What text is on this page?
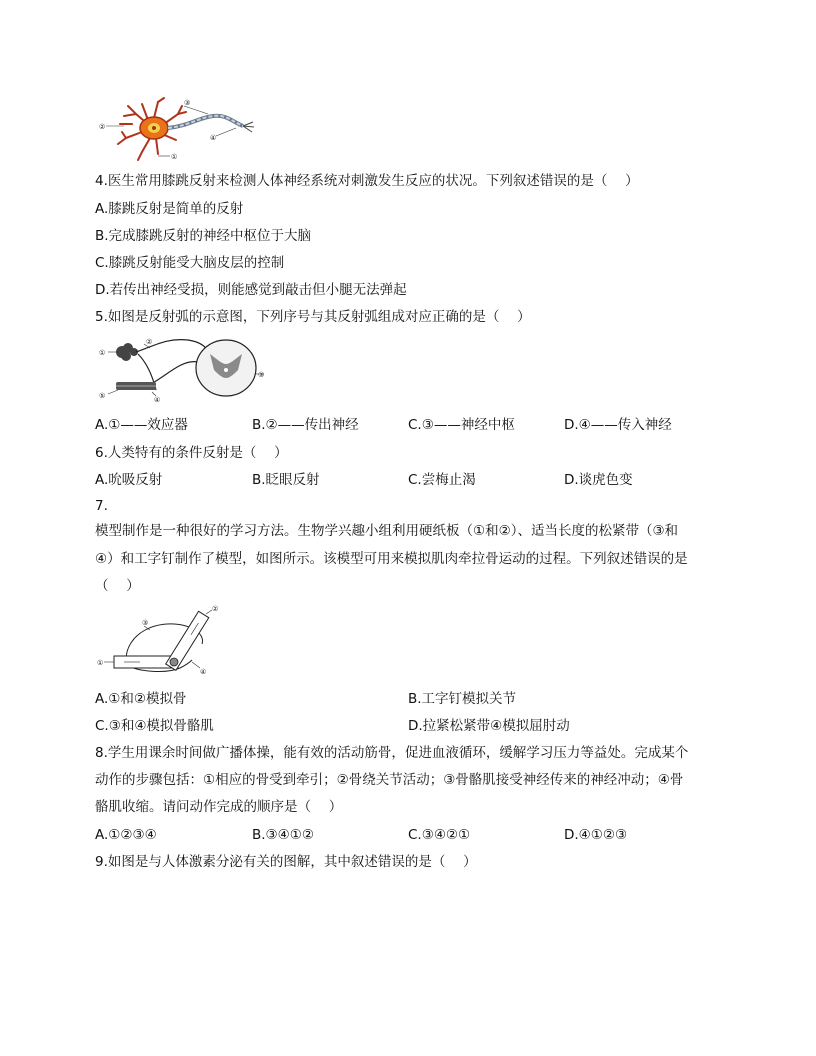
②
③
④
①
4.医生常用膝跳反射来检测人体神经系统对刺激发生反应的状况。下列叙述错误的是（　 ）
A.膝跳反射是简单的反射
B.完成膝跳反射的神经中枢位于大脑
C.膝跳反射能受大脑皮层的控制
D.若传出神经受损，则能感觉到敲击但小腿无法弹起
5.如图是反射弧的示意图，下列序号与其反射弧组成对应正确的是（　 ）
①
②
③
④
⑤
A.①——效应器	B.②——传出神经	C.③——神经中枢	D.④——传入神经
6.人类特有的条件反射是（　 ）
A.吮吸反射	B.眨眼反射	C.尝梅止渴	D.谈虎色变
7.
模型制作是一种很好的学习方法。生物学兴趣小组利用硬纸板（①和②）、适当长度的松紧带（③和
④）和工字钉制作了模型，如图所示。该模型可用来模拟肌肉牵拉骨运动的过程。下列叙述错误的是
（　 ）
①
②
③
④
A.①和②模拟骨	B.工字钉模拟关节
C.③和④模拟骨骼肌	D.拉紧松紧带④模拟屈肘动
8.学生用课余时间做广播体操，能有效的活动筋骨，促进血液循环，缓解学习压力等益处。完成某个
动作的步骤包括：①相应的骨受到牵引；②骨绕关节活动；③骨骼肌接受神经传来的神经冲动；④骨
骼肌收缩。请问动作完成的顺序是（　 ）
A.①②③④	B.③④①②	C.③④②①	D.④①②③
9.如图是与人体激素分泌有关的图解，其中叙述错误的是（　 ）
